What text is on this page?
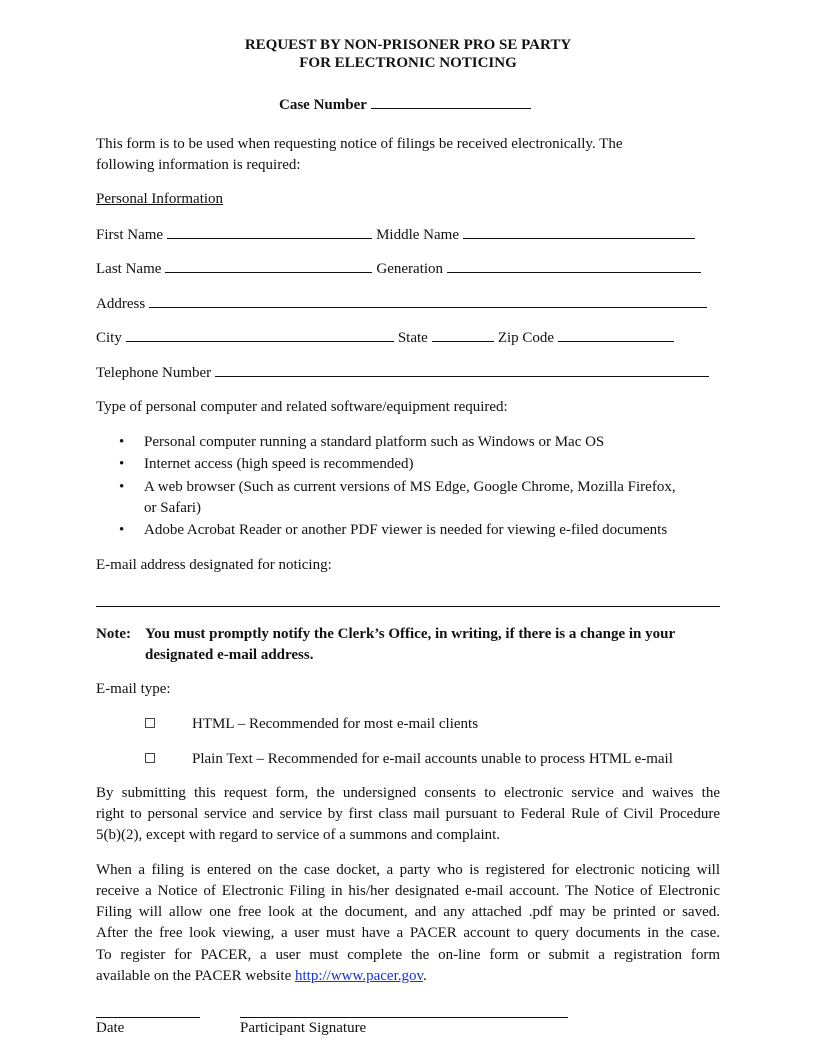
REQUEST BY NON-PRISONER PRO SE PARTY
FOR ELECTRONIC NOTICING
Case Number
This form is to be used when requesting notice of filings be received electronically. The
following information is required:
Personal Information
First Name	Middle Name
Last Name	Generation
Address
City	State	Zip Code
Telephone Number
Type of personal computer and related software/equipment required:
• Personal computer running a standard platform such as Windows or Mac OS
• Internet access (high speed is recommended)
• A web browser (Such as current versions of MS Edge, Google Chrome, Mozilla Firefox,
or Safari)
• Adobe Acrobat Reader or another PDF viewer is needed for viewing e-filed documents
E-mail address designated for noticing:
Note: You must promptly notify the Clerk’s Office, in writing, if there is a change in your
designated e-mail address.
E-mail type:
HTML – Recommended for most e-mail clients
Plain Text – Recommended for e-mail accounts unable to process HTML e-mail
By submitting this request form, the undersigned consents to electronic service and waives the
right to personal service and service by first class mail pursuant to Federal Rule of Civil Procedure
5(b)(2), except with regard to service of a summons and complaint.
When a filing is entered on the case docket, a party who is registered for electronic noticing will
receive a Notice of Electronic Filing in his/her designated e-mail account. The Notice of Electronic
Filing will allow one free look at the document, and any attached .pdf may be printed or saved.
After the free look viewing, a user must have a PACER account to query documents in the case.
To register for PACER, a user must complete the on-line form or submit a registration form
available on the PACER website http://www.pacer.gov.
Date	Participant Signature
